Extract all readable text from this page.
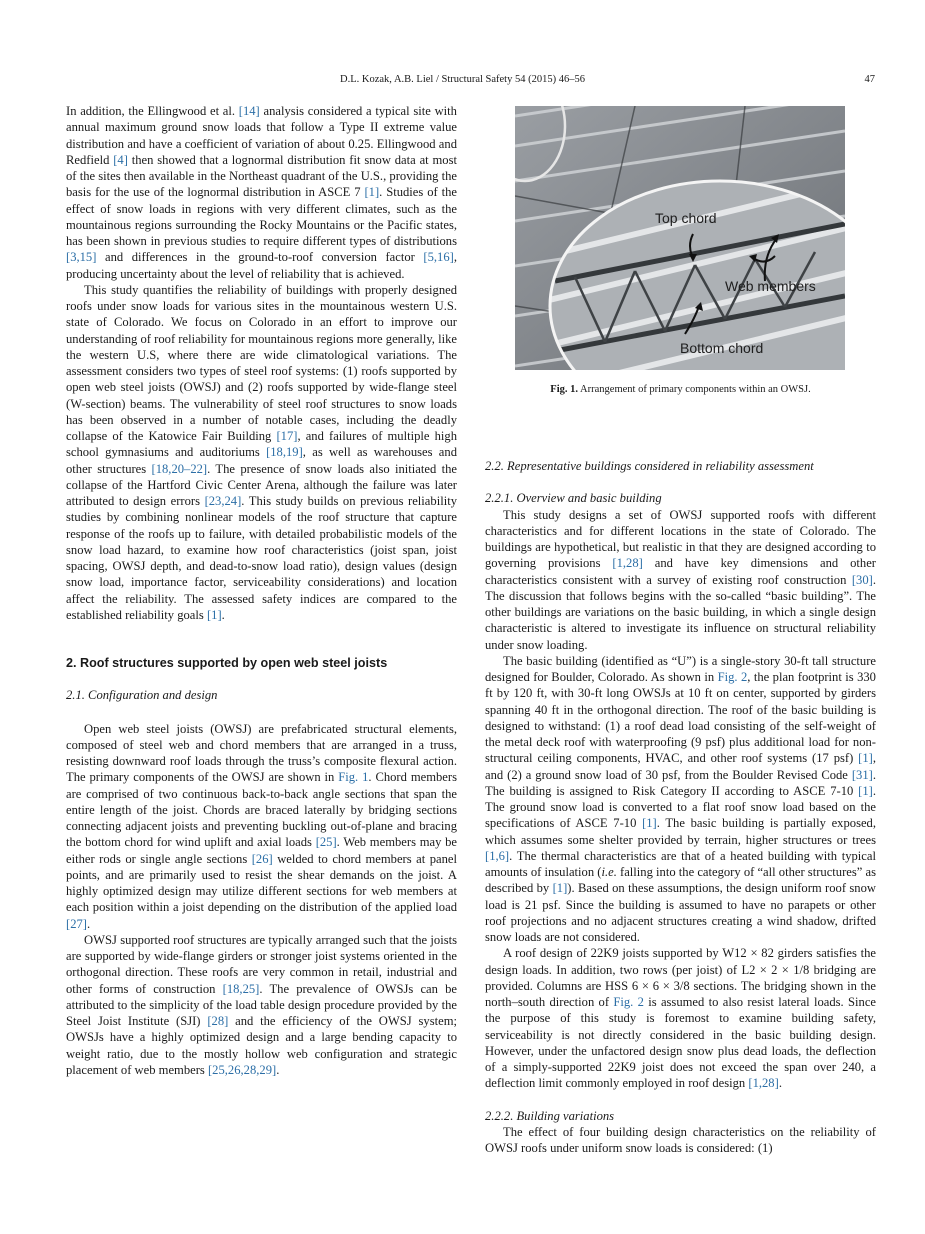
D.L. Kozak, A.B. Liel / Structural Safety 54 (2015) 46–56	47

In addition, the Ellingwood et al. [14] analysis considered a typical site with annual maximum ground snow loads that follow a Type II extreme value distribution and have a coefficient of variation of about 0.25. Ellingwood and Redfield [4] then showed that a lognormal distribution fit snow data at most of the sites then available in the Northeast quadrant of the U.S., providing the basis for the use of the lognormal distribution in ASCE 7 [1]. Studies of the effect of snow loads in regions with very different climates, such as the mountainous regions surrounding the Rocky Mountains or the Pacific states, has been shown in previous studies to require different types of distributions [3,15] and differences in the ground-to-roof conversion factor [5,16], producing uncertainty about the level of reliability that is achieved.

This study quantifies the reliability of buildings with properly designed roofs under snow loads for various sites in the mountainous western U.S. state of Colorado. We focus on Colorado in an effort to improve our understanding of roof reliability for mountainous regions more generally, like the western U.S, where there are wide climatological variations. The assessment considers two types of steel roof systems: (1) roofs supported by open web steel joists (OWSJ) and (2) roofs supported by wide-flange steel (W-section) beams. The vulnerability of steel roof structures to snow loads has been observed in a number of notable cases, including the deadly collapse of the Katowice Fair Building [17], and failures of multiple high school gymnasiums and auditoriums [18,19], as well as warehouses and other structures [18,20–22]. The presence of snow loads also initiated the collapse of the Hartford Civic Center Arena, although the failure was later attributed to design errors [23,24]. This study builds on previous reliability studies by combining nonlinear models of the roof structure that capture response of the roofs up to failure, with detailed probabilistic models of the snow load hazard, to examine how roof characteristics (joist span, joist spacing, OWSJ depth, and dead-to-snow load ratio), design values (design snow load, importance factor, serviceability considerations) and location affect the reliability. The assessed safety indices are compared to the established reliability goals [1].

2. Roof structures supported by open web steel joists

2.1. Configuration and design

Open web steel joists (OWSJ) are prefabricated structural elements, composed of steel web and chord members that are arranged in a truss, resisting downward roof loads through the truss’s composite flexural action. The primary components of the OWSJ are shown in Fig. 1. Chord members are comprised of two continuous back-to-back angle sections that span the entire length of the joist. Chords are braced laterally by bridging sections connecting adjacent joists and preventing buckling out-of-plane and bracing the bottom chord for wind uplift and axial loads [25]. Web members may be either rods or single angle sections [26] welded to chord members at panel points, and are primarily used to resist the shear demands on the joist. A highly optimized design may utilize different sections for web members at each position within a joist depending on the distribution of the applied load [27].

OWSJ supported roof structures are typically arranged such that the joists are supported by wide-flange girders or stronger joist systems oriented in the orthogonal direction. These roofs are very common in retail, industrial and other forms of construction [18,25]. The prevalence of OWSJs can be attributed to the simplicity of the load table design procedure provided by the Steel Joist Institute (SJI) [28] and the efficiency of the OWSJ system; OWSJs have a highly optimized design and a large bending capacity to weight ratio, due to the mostly hollow web configuration and strategic placement of web members [25,26,28,29].

Top chord
Web members
Bottom chord
Fig. 1. Arrangement of primary components within an OWSJ.

2.2. Representative buildings considered in reliability assessment

2.2.1. Overview and basic building

This study designs a set of OWSJ supported roofs with different characteristics and for different locations in the state of Colorado. The buildings are hypothetical, but realistic in that they are designed according to governing provisions [1,28] and have key dimensions and other characteristics consistent with a survey of existing roof construction [30]. The discussion that follows begins with the so-called “basic building”. The other buildings are variations on the basic building, in which a single design characteristic is altered to investigate its influence on structural reliability under snow loading.

The basic building (identified as “U”) is a single-story 30-ft tall structure designed for Boulder, Colorado. As shown in Fig. 2, the plan footprint is 330 ft by 120 ft, with 30-ft long OWSJs at 10 ft on center, supported by girders spanning 40 ft in the orthogonal direction. The roof of the basic building is designed to withstand: (1) a roof dead load consisting of the self-weight of the metal deck roof with waterproofing (9 psf) plus additional load for non-structural ceiling components, HVAC, and other roof systems (17 psf) [1], and (2) a ground snow load of 30 psf, from the Boulder Revised Code [31]. The building is assigned to Risk Category II according to ASCE 7-10 [1]. The ground snow load is converted to a flat roof snow load based on the specifications of ASCE 7-10 [1]. The basic building is partially exposed, which assumes some shelter provided by terrain, higher structures or trees [1,6]. The thermal characteristics are that of a heated building with typical amounts of insulation (i.e. falling into the category of “all other structures” as described by [1]). Based on these assumptions, the design uniform roof snow load is 21 psf. Since the building is assumed to have no parapets or other roof projections and no adjacent structures creating a wind shadow, drifted snow loads are not considered.

A roof design of 22K9 joists supported by W12 × 82 girders satisfies the design loads. In addition, two rows (per joist) of L2 × 2 × 1/8 bridging are provided. Columns are HSS 6 × 6 × 3/8 sections. The bridging shown in the north–south direction of Fig. 2 is assumed to also resist lateral loads. Since the purpose of this study is foremost to examine building safety, serviceability is not directly considered in the basic building design. However, under the unfactored design snow plus dead loads, the deflection of a simply-supported 22K9 joist does not exceed the span over 240, a deflection limit commonly employed in roof design [1,28].

2.2.2. Building variations

The effect of four building design characteristics on the reliability of OWSJ roofs under uniform snow loads is considered: (1)
